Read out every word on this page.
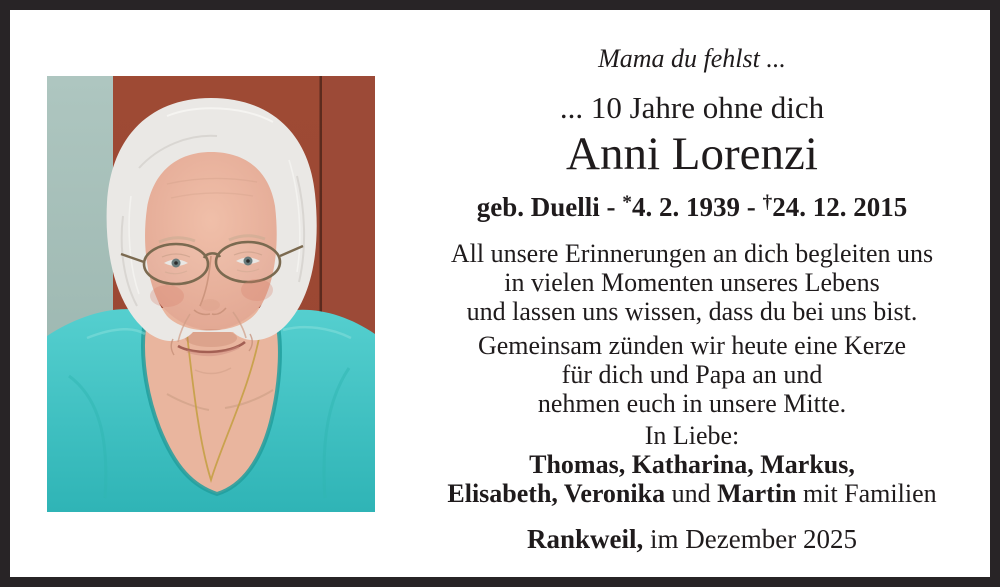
Mama du fehlst ...
... 10 Jahre ohne dich
Anni Lorenzi
geb. Duelli - *4. 2. 1939 - †24. 12. 2015
All unsere Erinnerungen an dich begleiten uns
in vielen Momenten unseres Lebens
und lassen uns wissen, dass du bei uns bist.
Gemeinsam zünden wir heute eine Kerze
für dich und Papa an und
nehmen euch in unsere Mitte.
In Liebe:
Thomas, Katharina, Markus,
Elisabeth, Veronika und Martin mit Familien
Rankweil, im Dezember 2025
